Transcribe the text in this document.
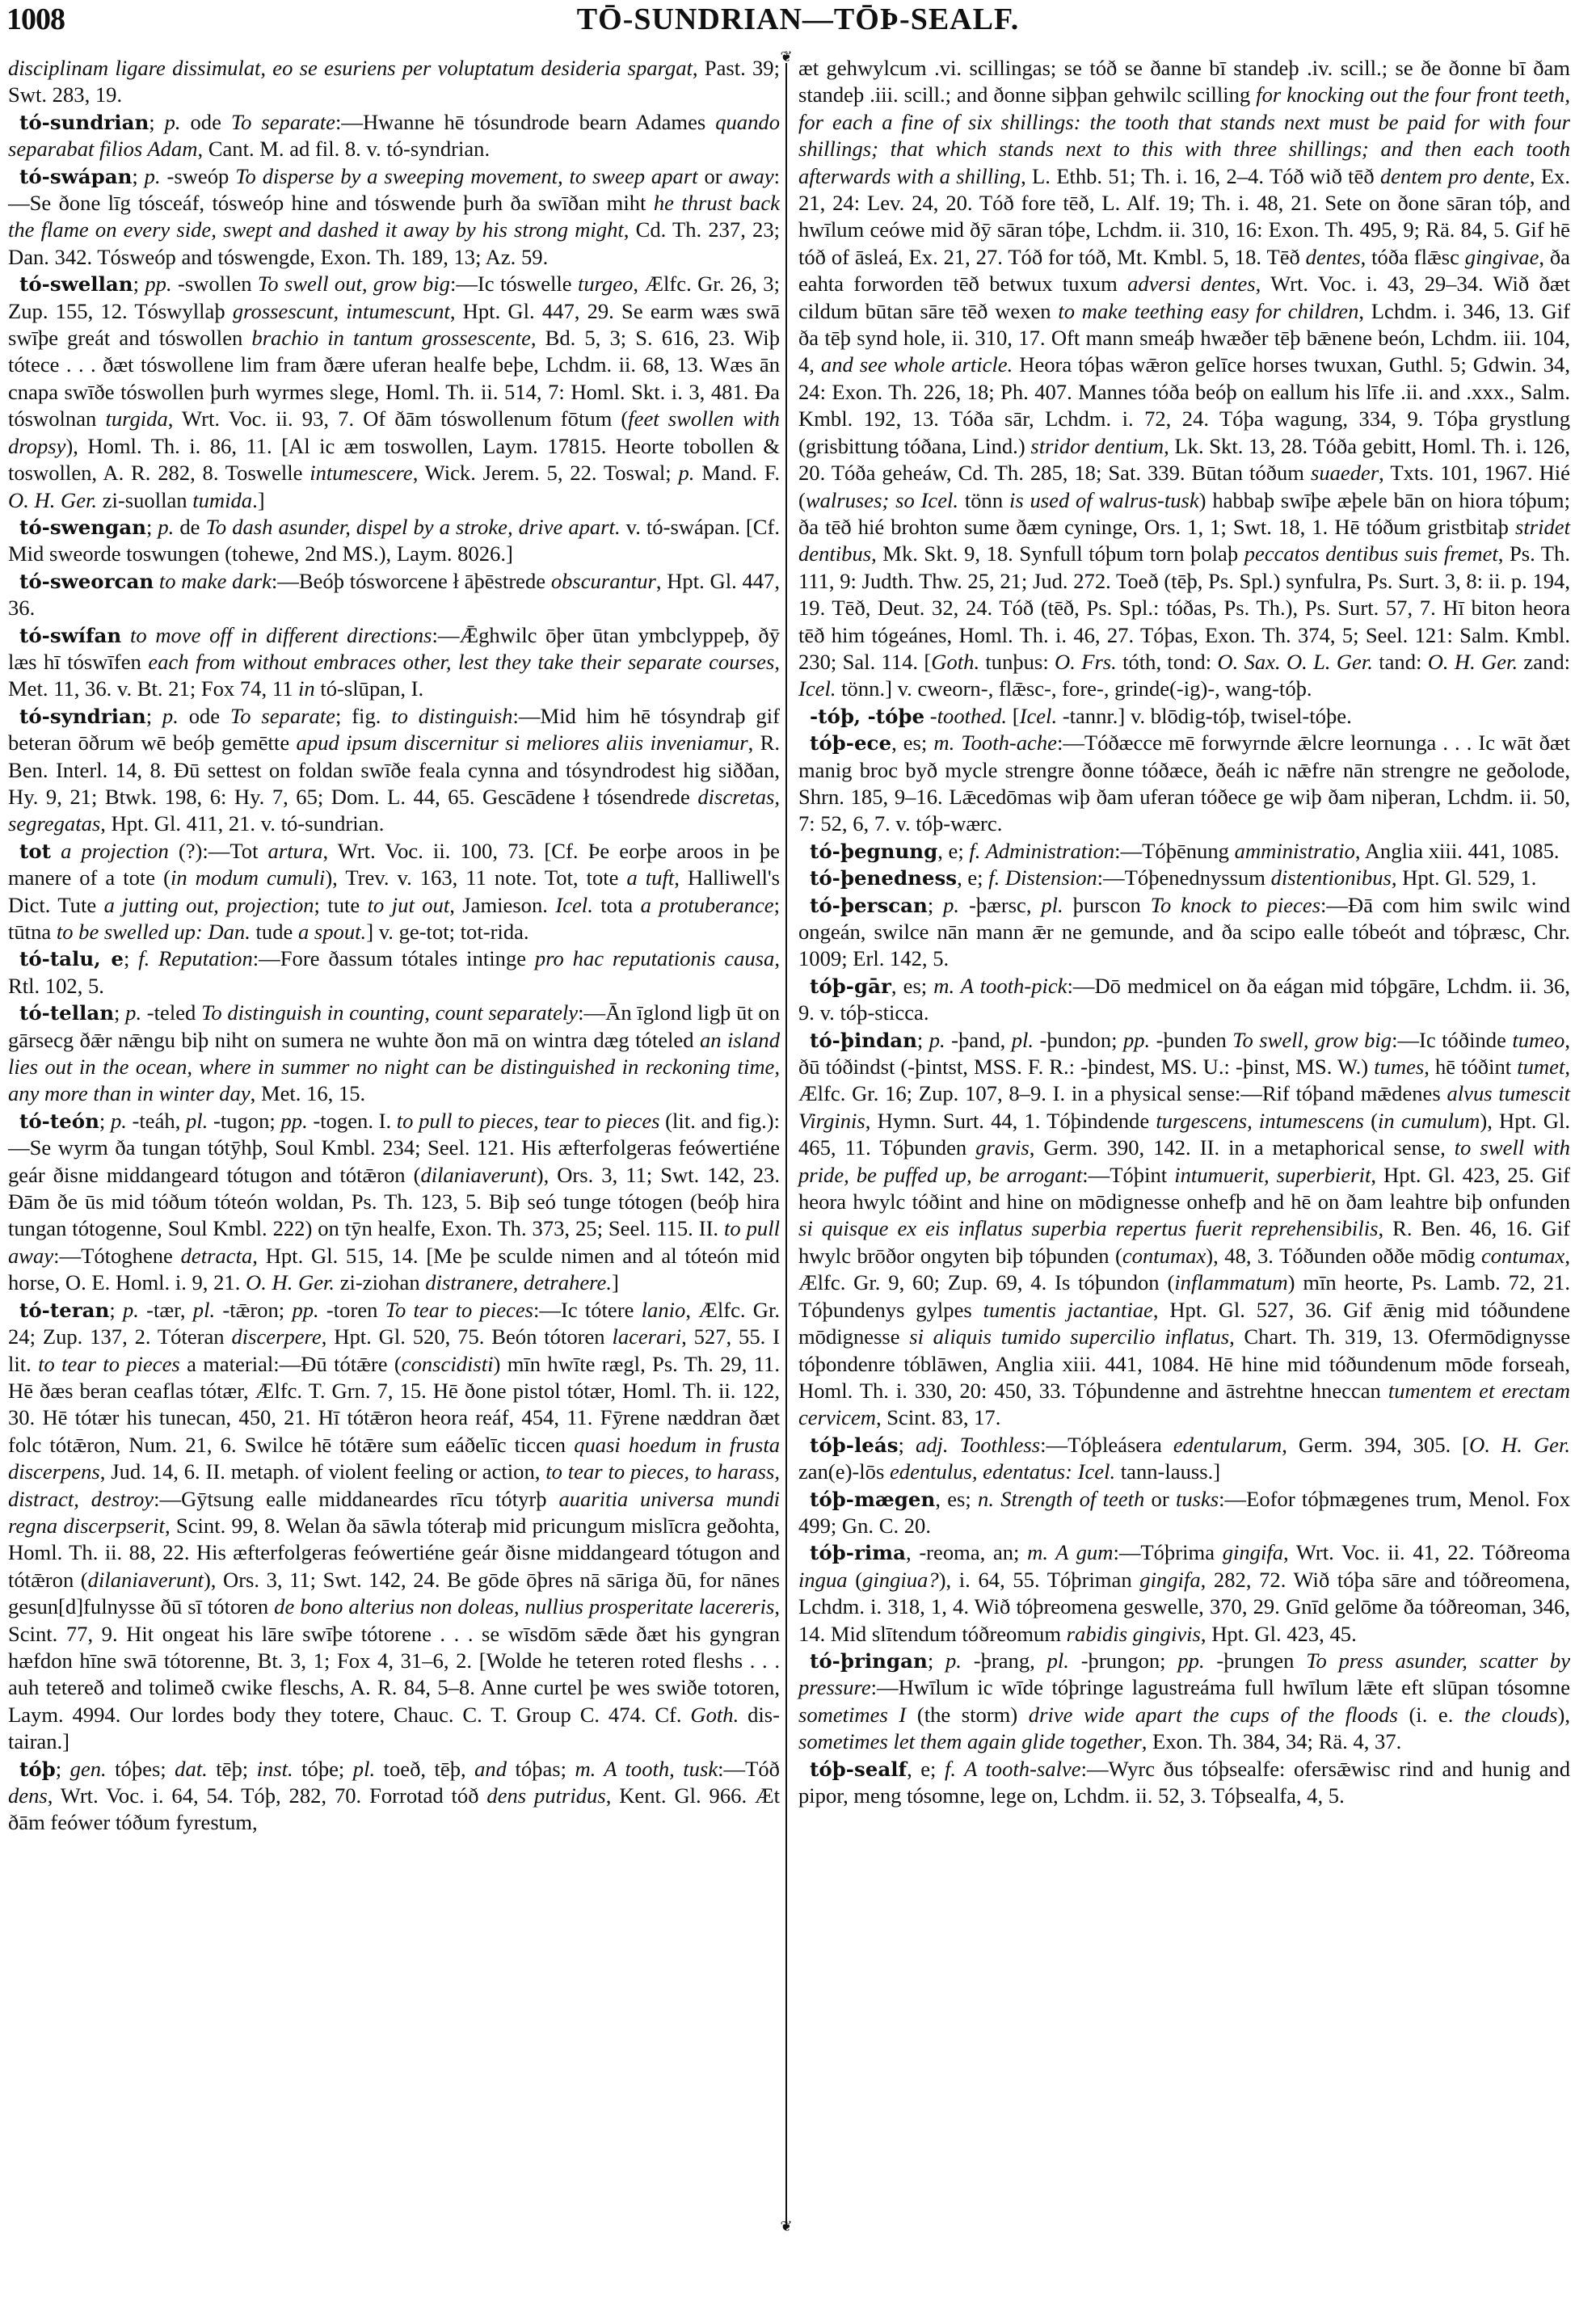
1008	TŌ-SUNDRIAN—TŌÞ-SEALF.

disciplinam ligare dissimulat, eo se esuriens per voluptatum desideria spargat, Past. 39; Swt. 283, 19.

tó-sundrian; p. ode To separate:—Hwanne hē tósundrode bearn Adames quando separabat filios Adam, Cant. M. ad fil. 8. v. tó-syndrian.

tó-swápan; p. -sweóp To disperse by a sweeping movement, to sweep apart or away:—Se ðone līg tósceáf, tósweóp hine and tóswende þurh ða swīðan miht he thrust back the flame on every side, swept and dashed it away by his strong might, Cd. Th. 237, 23; Dan. 342. Tósweóp and tóswengde, Exon. Th. 189, 13; Az. 59.

tó-swellan; pp. -swollen To swell out, grow big:—Ic tóswelle turgeo, Ælfc. Gr. 26, 3; Zup. 155, 12. Tóswyllaþ grossescunt, intumescunt, Hpt. Gl. 447, 29. Se earm wæs swā swīþe greát and tóswollen brachio in tantum grossescente, Bd. 5, 3; S. 616, 23. Wiþ tótece . . . ðæt tóswollene lim fram ðære uferan healfe beþe, Lchdm. ii. 68, 13. Wæs ān cnapa swīðe tóswollen þurh wyrmes slege, Homl. Th. ii. 514, 7: Homl. Skt. i. 3, 481. Ða tóswolnan turgida, Wrt. Voc. ii. 93, 7. Of ðām tóswollenum fōtum (feet swollen with dropsy), Homl. Th. i. 86, 11. [Al ic æm toswollen, Laym. 17815. Heorte tobollen & toswollen, A. R. 282, 8. Toswelle intumescere, Wick. Jerem. 5, 22. Toswal; p. Mand. F. O. H. Ger. zi-suollan tumida.]

tó-swengan; p. de To dash asunder, dispel by a stroke, drive apart. v. tó-swápan. [Cf. Mid sweorde toswungen (tohewe, 2nd MS.), Laym. 8026.]

tó-sweorcan to make dark:—Beóþ tósworcene ł āþēstrede obscurantur, Hpt. Gl. 447, 36.

tó-swífan to move off in different directions:—Ǣghwilc ōþer ūtan ymbclyppeþ, ðȳ læs hī tóswīfen each from without embraces other, lest they take their separate courses, Met. 11, 36. v. Bt. 21; Fox 74, 11 in tó-slūpan, I.

tó-syndrian; p. ode To separate; fig. to distinguish:—Mid him hē tósyndraþ gif beteran ōðrum wē beóþ gemētte apud ipsum discernitur si meliores aliis inveniamur, R. Ben. Interl. 14, 8. Ðū settest on foldan swīðe feala cynna and tósyndrodest hig siððan, Hy. 9, 21; Btwk. 198, 6: Hy. 7, 65; Dom. L. 44, 65. Gescādene ł tósendrede discretas, segregatas, Hpt. Gl. 411, 21. v. tó-sundrian.

tot a projection (?):—Tot artura, Wrt. Voc. ii. 100, 73. [Cf. Þe eorþe aroos in þe manere of a tote (in modum cumuli), Trev. v. 163, 11 note. Tot, tote a tuft, Halliwell's Dict. Tute a jutting out, projection; tute to jut out, Jamieson. Icel. tota a protuberance; tūtna to be swelled up: Dan. tude a spout.] v. ge-tot; tot-rida.

tó-talu, e; f. Reputation:—Fore ðassum tótales intinge pro hac reputationis causa, Rtl. 102, 5.

tó-tellan; p. -teled To distinguish in counting, count separately:—Ān īglond ligþ ūt on gārsecg ðǣr nǣngu biþ niht on sumera ne wuhte ðon mā on wintra dæg tóteled an island lies out in the ocean, where in summer no night can be distinguished in reckoning time, any more than in winter day, Met. 16, 15.

tó-teón; p. -teáh, pl. -tugon; pp. -togen. I. to pull to pieces, tear to pieces (lit. and fig.):—Se wyrm ða tungan tótȳhþ, Soul Kmbl. 234; Seel. 121. His æfterfolgeras feówertiéne geár ðisne middangeard tótugon and tótǣron (dilaniaverunt), Ors. 3, 11; Swt. 142, 23. Ðām ðe ūs mid tóðum tóteón woldan, Ps. Th. 123, 5. Biþ seó tunge tótogen (beóþ hira tungan tótogenne, Soul Kmbl. 222) on tȳn healfe, Exon. Th. 373, 25; Seel. 115. II. to pull away:—Tótoghene detracta, Hpt. Gl. 515, 14. [Me þe sculde nimen and al tóteón mid horse, O. E. Homl. i. 9, 21. O. H. Ger. zi-ziohan distranere, detrahere.]

tó-teran; p. -tær, pl. -tǣron; pp. -toren To tear to pieces:—Ic tótere lanio, Ælfc. Gr. 24; Zup. 137, 2. Tóteran discerpere, Hpt. Gl. 520, 75. Beón tótoren lacerari, 527, 55. I lit. to tear to pieces a material:—Ðū tótǣre (conscidisti) mīn hwīte rægl, Ps. Th. 29, 11. Hē ðæs beran ceaflas tótær, Ælfc. T. Grn. 7, 15. Hē ðone pistol tótær, Homl. Th. ii. 122, 30. Hē tótær his tunecan, 450, 21. Hī tótǣron heora reáf, 454, 11. Fȳrene næddran ðæt folc tótǣron, Num. 21, 6. Swilce hē tótǣre sum eáðelīc ticcen quasi hoedum in frusta discerpens, Jud. 14, 6. II. metaph. of violent feeling or action, to tear to pieces, to harass, distract, destroy:—Gȳtsung ealle middaneardes rīcu tótyrþ auaritia universa mundi regna discerpserit, Scint. 99, 8. Welan ða sāwla tóteraþ mid pricungum mislīcra geðohta, Homl. Th. ii. 88, 22. His æfterfolgeras feówertiéne geár ðisne middangeard tótugon and tótǣron (dilaniaverunt), Ors. 3, 11; Swt. 142, 24. Be gōde ōþres nā sāriga ðū, for nānes gesun[d]fulnysse ðū sī tótoren de bono alterius non doleas, nullius prosperitate lacereris, Scint. 77, 9. Hit ongeat his lāre swīþe tótorene . . . se wīsdōm sǣde ðæt his gyngran hæfdon hīne swā tótorenne, Bt. 3, 1; Fox 4, 31–6, 2. [Wolde he teteren roted fleshs . . . auh tetereð and tolimeð cwike fleschs, A. R. 84, 5–8. Anne curtel þe wes swiðe totoren, Laym. 4994. Our lordes body they totere, Chauc. C. T. Group C. 474. Cf. Goth. dis-tairan.]

tóþ; gen. tóþes; dat. tēþ; inst. tóþe; pl. toeð, tēþ, and tóþas; m. A tooth, tusk:—Tóð dens, Wrt. Voc. i. 64, 54. Tóþ, 282, 70. Forrotad tóð dens putridus, Kent. Gl. 966. Æt ðām feówer tóðum fyrestum,

❦
❦

æt gehwylcum .vi. scillingas; se tóð se ðanne bī standeþ .iv. scill.; se ðe ðonne bī ðam standeþ .iii. scill.; and ðonne siþþan gehwilc scilling for knocking out the four front teeth, for each a fine of six shillings: the tooth that stands next must be paid for with four shillings; that which stands next to this with three shillings; and then each tooth afterwards with a shilling, L. Ethb. 51; Th. i. 16, 2–4. Tóð wið tēð dentem pro dente, Ex. 21, 24: Lev. 24, 20. Tóð fore tēð, L. Alf. 19; Th. i. 48, 21. Sete on ðone sāran tóþ, and hwīlum ceówe mid ðȳ sāran tóþe, Lchdm. ii. 310, 16: Exon. Th. 495, 9; Rä. 84, 5. Gif hē tóð of āsleá, Ex. 21, 27. Tóð for tóð, Mt. Kmbl. 5, 18. Tēð dentes, tóða flǣsc gingivae, ða eahta forworden tēð betwux tuxum adversi dentes, Wrt. Voc. i. 43, 29–34. Wið ðæt cildum būtan sāre tēð wexen to make teething easy for children, Lchdm. i. 346, 13. Gif ða tēþ synd hole, ii. 310, 17. Oft mann smeáþ hwæðer tēþ bǣnene beón, Lchdm. iii. 104, 4, and see whole article. Heora tóþas wǣron gelīce horses twuxan, Guthl. 5; Gdwin. 34, 24: Exon. Th. 226, 18; Ph. 407. Mannes tóða beóþ on eallum his līfe .ii. and .xxx., Salm. Kmbl. 192, 13. Tóða sār, Lchdm. i. 72, 24. Tóþa wagung, 334, 9. Tóþa grystlung (grisbittung tóðana, Lind.) stridor dentium, Lk. Skt. 13, 28. Tóða gebitt, Homl. Th. i. 126, 20. Tóða geheáw, Cd. Th. 285, 18; Sat. 339. Būtan tóðum suaeder, Txts. 101, 1967. Hié (walruses; so Icel. tönn is used of walrus-tusk) habbaþ swīþe æþele bān on hiora tóþum; ða tēð hié brohton sume ðæm cyninge, Ors. 1, 1; Swt. 18, 1. Hē tóðum gristbitaþ stridet dentibus, Mk. Skt. 9, 18. Synfull tóþum torn þolaþ peccatos dentibus suis fremet, Ps. Th. 111, 9: Judth. Thw. 25, 21; Jud. 272. Toeð (tēþ, Ps. Spl.) synfulra, Ps. Surt. 3, 8: ii. p. 194, 19. Tēð, Deut. 32, 24. Tóð (tēð, Ps. Spl.: tóðas, Ps. Th.), Ps. Surt. 57, 7. Hī biton heora tēð him tógeánes, Homl. Th. i. 46, 27. Tóþas, Exon. Th. 374, 5; Seel. 121: Salm. Kmbl. 230; Sal. 114. [Goth. tunþus: O. Frs. tóth, tond: O. Sax. O. L. Ger. tand: O. H. Ger. zand: Icel. tönn.] v. cweorn-, flǣsc-, fore-, grinde(-ig)-, wang-tóþ.

-tóþ, -tóþe -toothed. [Icel. -tannr.] v. blōdig-tóþ, twisel-tóþe.

tóþ-ece, es; m. Tooth-ache:—Tóðæcce mē forwyrnde ǣlcre leornunga . . . Ic wāt ðæt manig broc byð mycle strengre ðonne tóðæce, ðeáh ic nǣfre nān strengre ne geðolode, Shrn. 185, 9–16. Lǣcedōmas wiþ ðam uferan tóðece ge wiþ ðam niþeran, Lchdm. ii. 50, 7: 52, 6, 7. v. tóþ-wærc.

tó-þegnung, e; f. Administration:—Tóþēnung amministratio, Anglia xiii. 441, 1085.

tó-þenedness, e; f. Distension:—Tóþenednyssum distentionibus, Hpt. Gl. 529, 1.

tó-þerscan; p. -þærsc, pl. þurscon To knock to pieces:—Ðā com him swilc wind ongeán, swilce nān mann ǣr ne gemunde, and ða scipo ealle tóbeót and tóþræsc, Chr. 1009; Erl. 142, 5.

tóþ-gār, es; m. A tooth-pick:—Dō medmicel on ða eágan mid tóþgāre, Lchdm. ii. 36, 9. v. tóþ-sticca.

tó-þindan; p. -þand, pl. -þundon; pp. -þunden To swell, grow big:—Ic tóðinde tumeo, ðū tóðindst (-þintst, MSS. F. R.: -þindest, MS. U.: -þinst, MS. W.) tumes, hē tóðint tumet, Ælfc. Gr. 16; Zup. 107, 8–9. I. in a physical sense:—Rif tóþand mǣdenes alvus tumescit Virginis, Hymn. Surt. 44, 1. Tóþindende turgescens, intumescens (in cumulum), Hpt. Gl. 465, 11. Tóþunden gravis, Germ. 390, 142. II. in a metaphorical sense, to swell with pride, be puffed up, be arrogant:—Tóþint intumuerit, superbierit, Hpt. Gl. 423, 25. Gif heora hwylc tóðint and hine on mōdignesse onhefþ and hē on ðam leahtre biþ onfunden si quisque ex eis inflatus superbia repertus fuerit reprehensibilis, R. Ben. 46, 16. Gif hwylc brōðor ongyten biþ tóþunden (contumax), 48, 3. Tóðunden oððe mōdig contumax, Ælfc. Gr. 9, 60; Zup. 69, 4. Is tóþundon (inflammatum) mīn heorte, Ps. Lamb. 72, 21. Tóþundenys gylpes tumentis jactantiae, Hpt. Gl. 527, 36. Gif ǣnig mid tóðundene mōdignesse si aliquis tumido supercilio inflatus, Chart. Th. 319, 13. Ofermōdignysse tóþondenre tóblāwen, Anglia xiii. 441, 1084. Hē hine mid tóðundenum mōde forseah, Homl. Th. i. 330, 20: 450, 33. Tóþundenne and āstrehtne hneccan tumentem et erectam cervicem, Scint. 83, 17.

tóþ-leás; adj. Toothless:—Tóþleásera edentularum, Germ. 394, 305. [O. H. Ger. zan(e)-lōs edentulus, edentatus: Icel. tann-lauss.]

tóþ-mægen, es; n. Strength of teeth or tusks:—Eofor tóþmægenes trum, Menol. Fox 499; Gn. C. 20.

tóþ-rima, -reoma, an; m. A gum:—Tóþrima gingifa, Wrt. Voc. ii. 41, 22. Tóðreoma ingua (gingiua?), i. 64, 55. Tóþriman gingifa, 282, 72. Wið tóþa sāre and tóðreomena, Lchdm. i. 318, 1, 4. Wið tóþreomena geswelle, 370, 29. Gnīd gelōme ða tóðreoman, 346, 14. Mid slītendum tóðreomum rabidis gingivis, Hpt. Gl. 423, 45.

tó-þringan; p. -þrang, pl. -þrungon; pp. -þrungen To press asunder, scatter by pressure:—Hwīlum ic wīde tóþringe lagustreáma full hwīlum lǣte eft slūpan tósomne sometimes I (the storm) drive wide apart the cups of the floods (i. e. the clouds), sometimes let them again glide together, Exon. Th. 384, 34; Rä. 4, 37.

tóþ-sealf, e; f. A tooth-salve:—Wyrc ðus tóþsealfe: ofersǣwisc rind and hunig and pipor, meng tósomne, lege on, Lchdm. ii. 52, 3. Tóþsealfa, 4, 5.
